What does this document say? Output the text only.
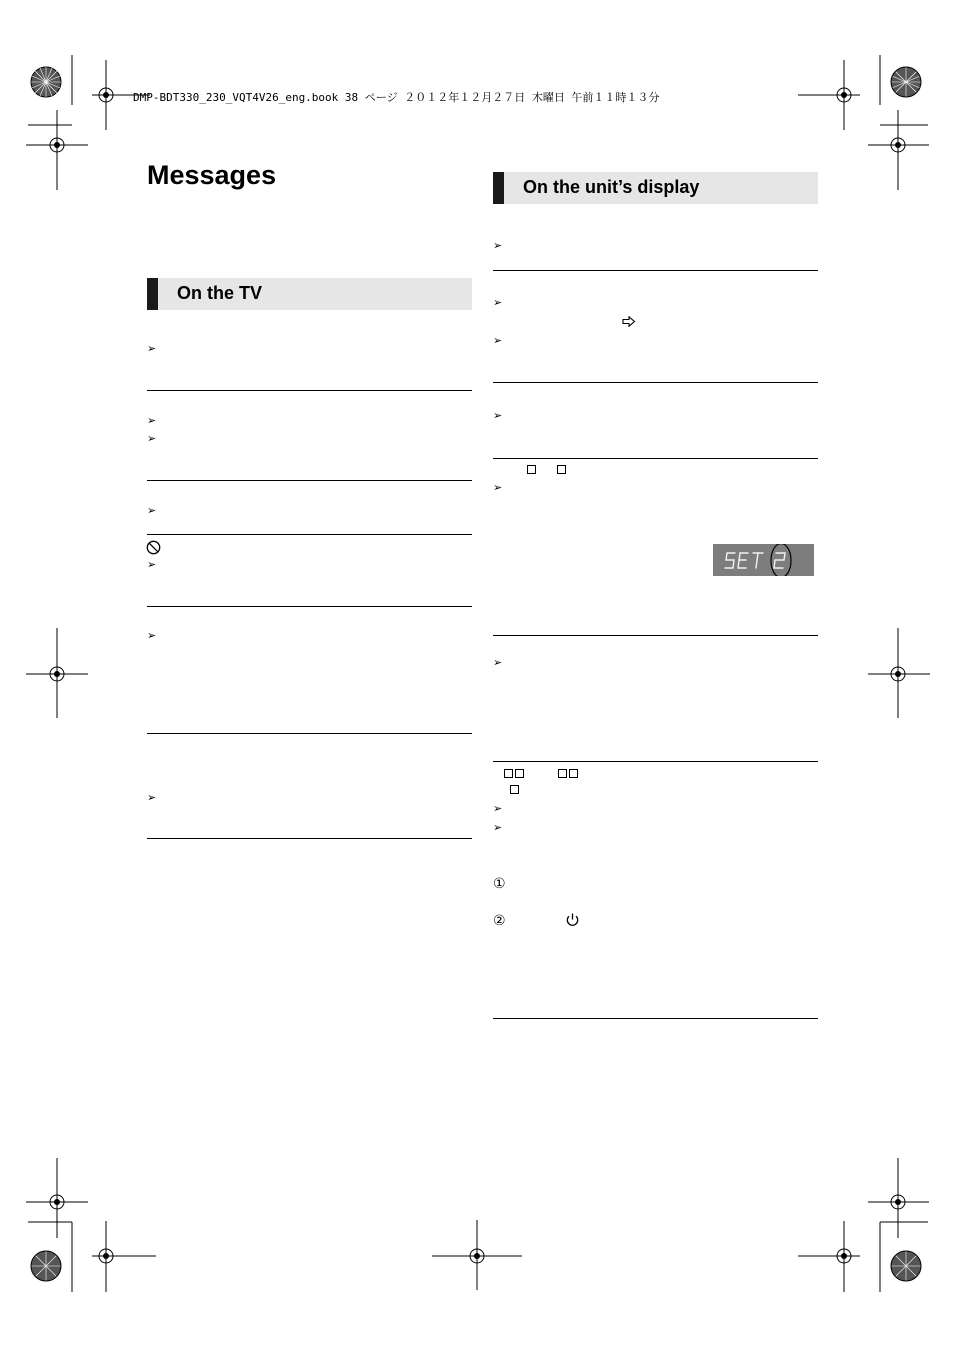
DMP-BDT330_230_VQT4V26_eng.book 38 ページ ２０１２年１２月２７日 木曜日 午前１１時１３分
Messages
On the TV
➢
➢
➢
➢
➢
➢
➢
On the unit’s display
➢
➢
➢
➢
➢
➢
➢
➢
①
②
